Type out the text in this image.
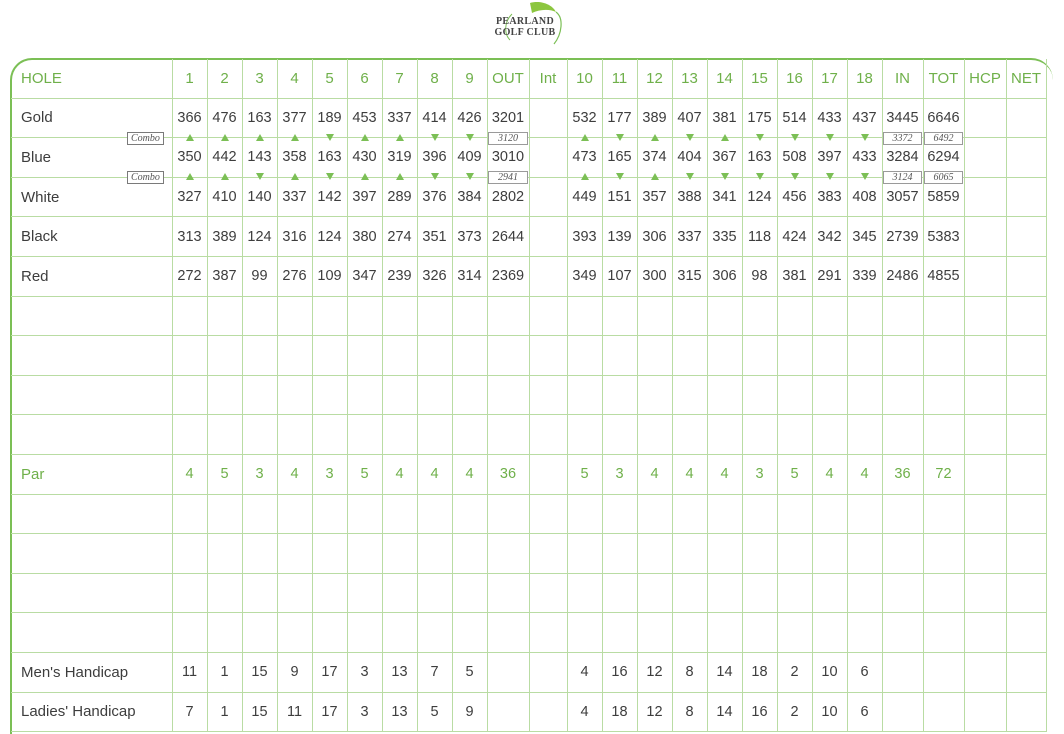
PEARLAND
GOLF CLUB
HOLE	1	2	3	4	5	6	7	8	9	OUT	Int	10	11	12	13	14	15	16	17	18	IN	TOT	HCP	NET
Gold	366	476	163	377	189	453	337	414	426	3201		532	177	389	407	381	175	514	433	437	3445	6646		
Blue	350	442	143	358	163	430	319	396	409	3010		473	165	374	404	367	163	508	397	433	3284	6294		
White	327	410	140	337	142	397	289	376	384	2802		449	151	357	388	341	124	456	383	408	3057	5859		
Black	313	389	124	316	124	380	274	351	373	2644		393	139	306	337	335	118	424	342	345	2739	5383		
Red	272	387	99	276	109	347	239	326	314	2369		349	107	300	315	306	98	381	291	339	2486	4855		

Par	4	5	3	4	3	5	4	4	4	36		5	3	4	4	4	3	5	4	4	36	72		

Men's Handicap	11	1	15	9	17	3	13	7	5			4	16	12	8	14	18	2	10	6				
Ladies' Handicap	7	1	15	11	17	3	13	5	9			4	18	12	8	14	16	2	10	6				
Combo	3120	3372	6492
Combo	2941	3124	6065
